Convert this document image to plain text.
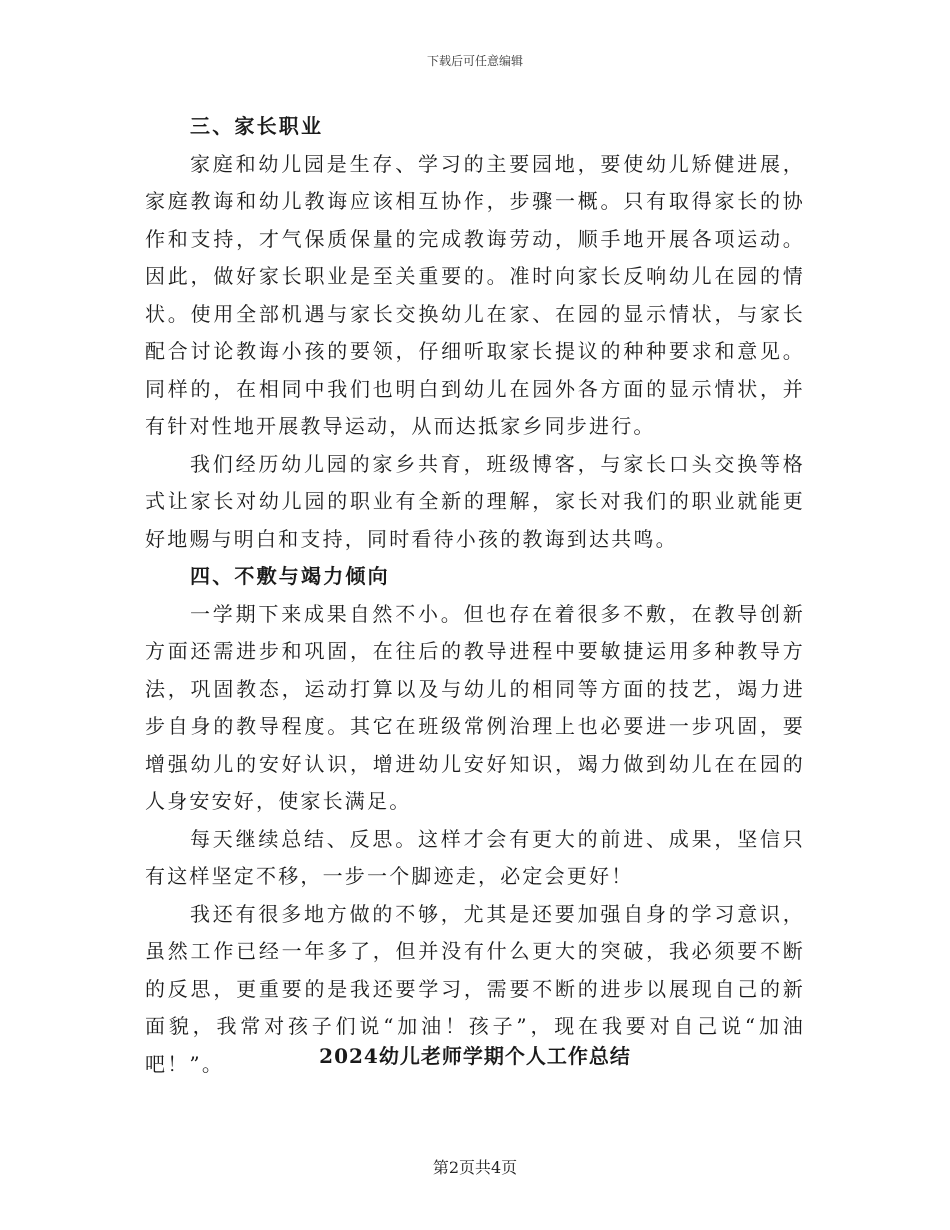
下载后可任意编辑
三、家长职业

家庭和幼儿园是生存、学习的主要园地，要使幼儿矫健进展，家庭教诲和幼儿教诲应该相互协作，步骤一概。只有取得家长的协作和支持，才气保质保量的完成教诲劳动，顺手地开展各项运动。因此，做好家长职业是至关重要的。准时向家长反响幼儿在园的情状。使用全部机遇与家长交换幼儿在家、在园的显示情状，与家长配合讨论教诲小孩的要领，仔细听取家长提议的种种要求和意见。同样的，在相同中我们也明白到幼儿在园外各方面的显示情状，并有针对性地开展教导运动，从而达抵家乡同步进行。

我们经历幼儿园的家乡共育，班级博客，与家长口头交换等格式让家长对幼儿园的职业有全新的理解，家长对我们的职业就能更好地赐与明白和支持，同时看待小孩的教诲到达共鸣。

四、不敷与竭力倾向

一学期下来成果自然不小。但也存在着很多不敷，在教导创新方面还需进步和巩固，在往后的教导进程中要敏捷运用多种教导方法，巩固教态，运动打算以及与幼儿的相同等方面的技艺，竭力进步自身的教导程度。其它在班级常例治理上也必要进一步巩固，要增强幼儿的安好认识，增进幼儿安好知识，竭力做到幼儿在在园的人身安安好，使家长满足。

每天继续总结、反思。这样才会有更大的前进、成果，坚信只有这样坚定不移，一步一个脚迹走，必定会更好！

我还有很多地方做的不够，尤其是还要加强自身的学习意识，虽然工作已经一年多了，但并没有什么更大的突破，我必须要不断的反思，更重要的是我还要学习，需要不断的进步以展现自己的新面貌，我常对孩子们说“加油！孩子”，现在我要对自己说“加油吧！”。	2024幼儿老师学期个人工作总结
第2页共4页
